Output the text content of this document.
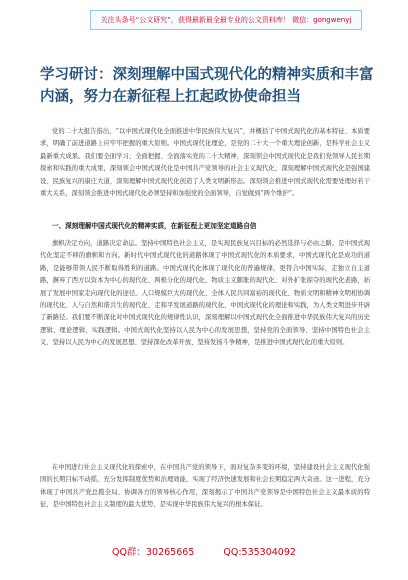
关注头条号“公文研究”，获得最新最全最专业的公文资料库！ 微信：gongwenyj
学习研讨：深刻理解中国式现代化的精神实质和丰富内涵，努力在新征程上扛起政协使命担当

党的二十大报告指出，“以中国式现代化全面推进中华民族伟大复兴”，并概括了中国式现代化的基本特征、本质要求，明确了前进道路上应牢牢把握的重大原则。中国式现代化理论，是党的二十大一个重大理论创新，是科学社会主义最新重大成果。我们要全面学习、全面把握、全面落实党的二十大精神，深刻领会中国式现代化是我们党领导人民长期探索和实践的重大成果，深刻领会中国式现代化是中国共产党领导的社会主义现代化，深刻理解中国式现代化是强国建设、民族复兴的康庄大道，深刻理解中国式现代化创造了人类文明新形态。深刻领会推进中国式现代化需要处理好若干重大关系，深刻领会推进中国式现代化必须坚持和加强党的全面领导，自觉做到“两个维护”。

一、深刻理解中国式现代化的精神实质，在新征程上更加坚定道路自信

旗帜决定方向，道路决定命运。坚持中国特色社会主义，是实现民族复兴目标的必然选择与必由之路。是中国式现代化坚定不移的旗帜和方向。新时代中国式现代化的道路体现了中国式现代化的本质要求，中国式现代化是成功的道路，是能够带领人民不断取得胜利的道路。中国式现代化体现了现代化的普遍规律，更符合中国实际，走独立自主道路，摒弃了西方以资本为中心的现代化、两极分化的现代化、物质主义膨胀的现代化、对外扩张掠夺的现代化老路，拓展了发展中国家走向现代化的途径。人口规模巨大的现代化、全体人民共同富裕的现代化、物质文明和精神文明相协调的现代化、人与自然和谐共生的现代化、走和平发展道路的现代化，中国式现代化的理论和实践，为人类文明进步开辟了新路径。我们要不断深化对中国式现代化的规律性认识，深刻理解以中国式现代化全面推进中华民族伟大复兴的历史逻辑、理论逻辑、实践逻辑。中国式现代化坚持以人民为中心的发展思想，坚持党的全面领导、坚持中国特色社会主义、坚持以人民为中心的发展思想、坚持深化改革开放、坚持发扬斗争精神，是推进中国式现代化的重大原则。

在中国进行社会主义现代化的探索中，在中国共产党的领导下，面对复杂多变的环境，坚持建设社会主义现代化强国的长期目标不动摇，充分发挥制度优势和治理效能，实现了经济快速发展和社会长期稳定两大奇迹。这一进程，充分体现了中国共产党总揽全局、协调各方的领导核心作用，深刻揭示了中国共产党领导是中国特色社会主义最本质的特征，是中国特色社会主义制度的最大优势，是实现中华民族伟大复兴的根本保证。

QQ群：30265665	QQ:535304092
